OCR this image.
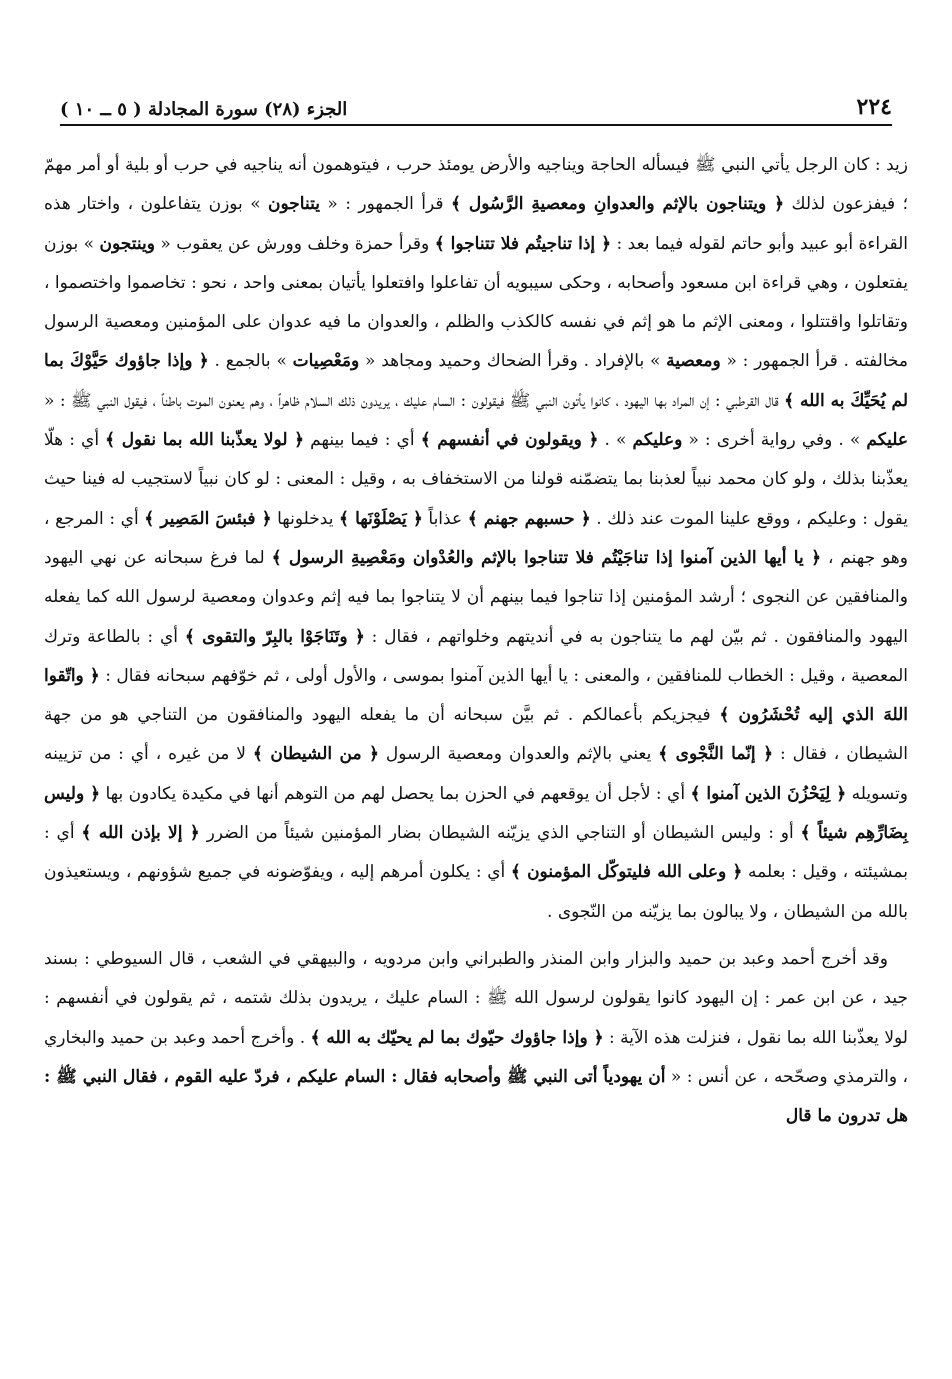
٢٢٤
الجزء (٢٨) سورة المجادلة ( ٥ ــ ١٠ )

زيد : كان الرجل يأتي النبي ﷺ فيسأله الحاجة ويناجيه والأرض يومئذ حرب ، فيتوهمون أنه يناجيه في حرب أو بلية أو أمر مهمّ ؛ فيفزعون لذلك ﴿ ويتناجون بالإثم والعدوانِ ومعصيةِ الرَّسُول ﴾ قرأ الجمهور : « يتناجون » بوزن يتفاعلون ، واختار هذه القراءة أبو عبيد وأبو حاتم لقوله فيما بعد : ﴿ إذا تناجيتُم فلا تتناجوا ﴾ وقرأ حمزة وخلف وورش عن يعقوب « وينتجون » بوزن يفتعلون ، وهي قراءة ابن مسعود وأصحابه ، وحكى سيبويه أن تفاعلوا وافتعلوا يأتيان بمعنى واحد ، نحو : تخاصموا واختصموا ، وتقاتلوا واقتتلوا ، ومعنى الإثم ما هو إثم في نفسه كالكذب والظلم ، والعدوان ما فيه عدوان على المؤمنين ومعصية الرسول مخالفته . قرأ الجمهور : « ومعصية » بالإفراد . وقرأ الضحاك وحميد ومجاهد « ومَعْصِيات » بالجمع . ﴿ وإذا جاؤوك حَيَّوْكَ بما لم يُحَيِّكَ به الله ﴾ قال القرطبي : إن المراد بها اليهود ، كانوا يأتون النبي ﷺ فيقولون : السام عليك ، يريدون ذلك السلام ظاهراً ، وهم يعنون الموت باطناً ، فيقول النبي ﷺ : « عليكم » . وفي رواية أخرى : « وعليكم » . ﴿ ويقولون في أنفسهم ﴾ أي : فيما بينهم ﴿ لولا يعذّبنا الله بما نقول ﴾ أي : هلّا يعذّبنا بذلك ، ولو كان محمد نبياً لعذبنا بما يتضمّنه قولنا من الاستخفاف به ، وقيل : المعنى : لو كان نبياً لاستجيب له فينا حيث يقول : وعليكم ، ووقع علينا الموت عند ذلك . ﴿ حسبهم جهنم ﴾ عذاباً ﴿ يَصْلَوْنَها ﴾ يدخلونها ﴿ فبئسَ المَصِير ﴾ أي : المرجع ، وهو جهنم ، ﴿ يا أيها الذين آمنوا إذا تناجَيْتُم فلا تتناجوا بالإثم والعُدْوان ومَعْصِيةِ الرسول ﴾ لما فرغ سبحانه عن نهي اليهود والمنافقين عن النجوى ؛ أرشد المؤمنين إذا تناجوا فيما بينهم أن لا يتناجوا بما فيه إثم وعدوان ومعصية لرسول الله كما يفعله اليهود والمنافقون . ثم بيّن لهم ما يتناجون به في أنديتهم وخلواتهم ، فقال : ﴿ وتَنَاجَوْا بالبِرّ والتقوى ﴾ أي : بالطاعة وترك المعصية ، وقيل : الخطاب للمنافقين ، والمعنى : يا أيها الذين آمنوا بموسى ، والأول أولى ، ثم خوّفهم سبحانه فقال : ﴿ واتّقوا اللهَ الذي إليه تُحْشَرُون ﴾ فيجزيكم بأعمالكم . ثم بيَّن سبحانه أن ما يفعله اليهود والمنافقون من التناجي هو من جهة الشيطان ، فقال : ﴿ إنّما النَّجْوى ﴾ يعني بالإثم والعدوان ومعصية الرسول ﴿ من الشيطان ﴾ لا من غيره ، أي : من تزيينه وتسويله ﴿ لِيَحْزُنَ الذين آمنوا ﴾ أي : لأجل أن يوقعهم في الحزن بما يحصل لهم من التوهم أنها في مكيدة يكادون بها ﴿ وليس بِضَارِّهِم شيئاً ﴾ أو : وليس الشيطان أو التناجي الذي يزيّنه الشيطان بضار المؤمنين شيئاً من الضرر ﴿ إلا بإذن الله ﴾ أي : بمشيئته ، وقيل : بعلمه ﴿ وعلى الله فليتوكّل المؤمنون ﴾ أي : يكلون أمرهم إليه ، ويفوّضونه في جميع شؤونهم ، ويستعيذون بالله من الشيطان ، ولا يبالون بما يزيّنه من النّجوى .

وقد أخرج أحمد وعبد بن حميد والبزار وابن المنذر والطبراني وابن مردويه ، والبيهقي في الشعب ، قال السيوطي : بسند جيد ، عن ابن عمر : إن اليهود كانوا يقولون لرسول الله ﷺ : السام عليك ، يريدون بذلك شتمه ، ثم يقولون في أنفسهم : لولا يعذّبنا الله بما نقول ، فنزلت هذه الآية : ﴿ وإذا جاؤوك حيّوك بما لم يحيّك به الله ﴾ . وأخرج أحمد وعبد بن حميد والبخاري ، والترمذي وصحّحه ، عن أنس : « أن يهودياً أتى النبي ﷺ وأصحابه فقال : السام عليكم ، فردّ عليه القوم ، فقال النبي ﷺ : هل تدرون ما قال
